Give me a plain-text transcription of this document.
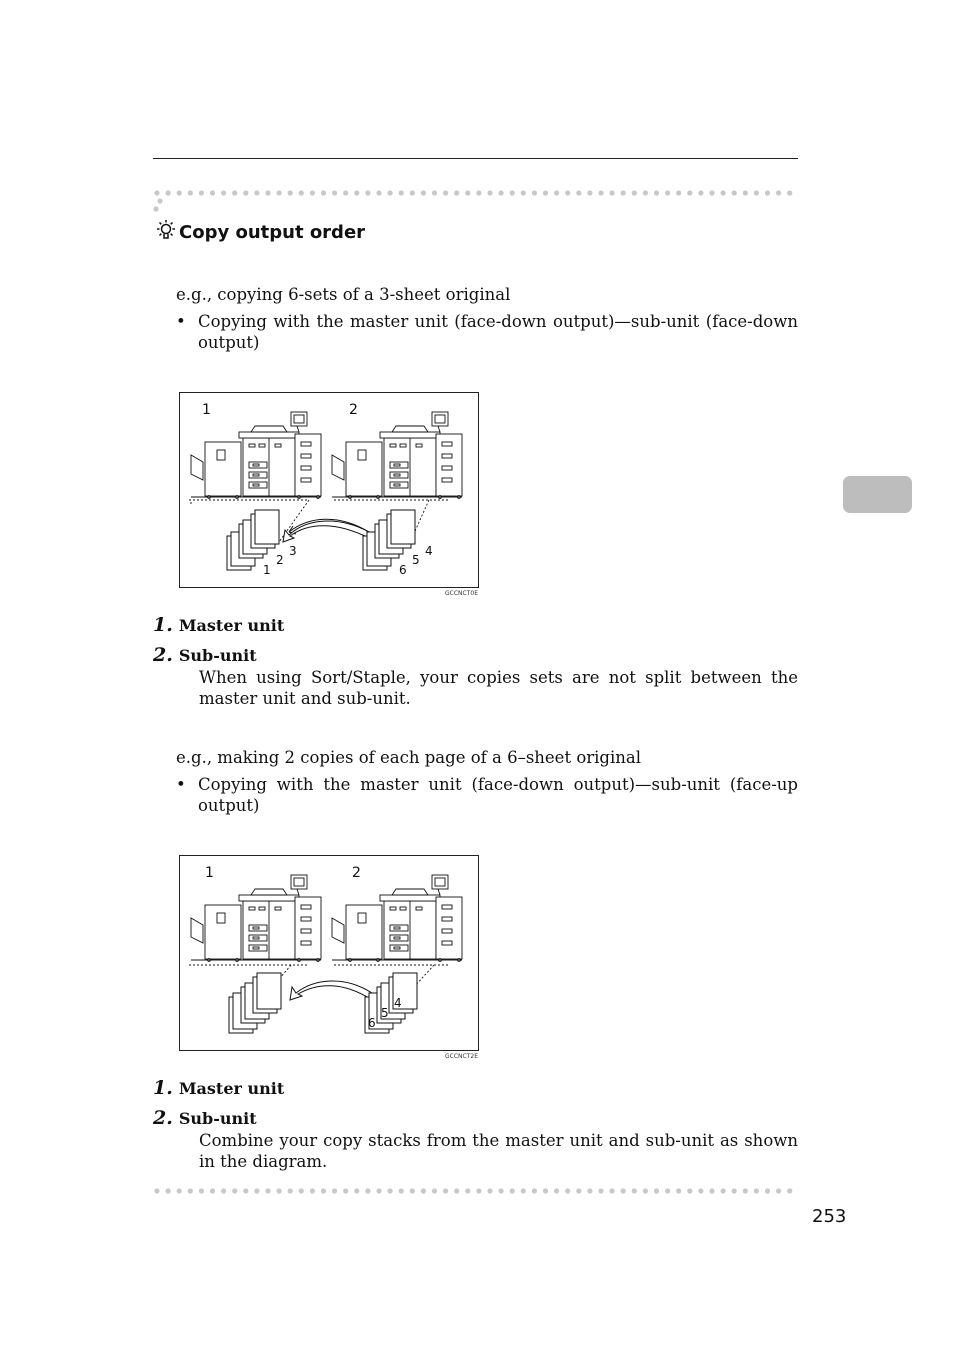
Copy output order
e.g., copying 6-sets of a 3-sheet original
• Copying with the master unit (face-down output)—sub-unit (face-down output)
1	2
1
2
3
6
5
4
GCCNCT0E
1. Master unit
2. Sub-unit
When using Sort/Staple, your copies sets are not split between the master unit and sub-unit.
e.g., making 2 copies of each page of a 6–sheet original
• Copying with the master unit (face-down output)—sub-unit (face-up output)
1	2
6
5
4
GCCNCT2E
1. Master unit
2. Sub-unit
Combine your copy stacks from the master unit and sub-unit as shown in the diagram.
253
